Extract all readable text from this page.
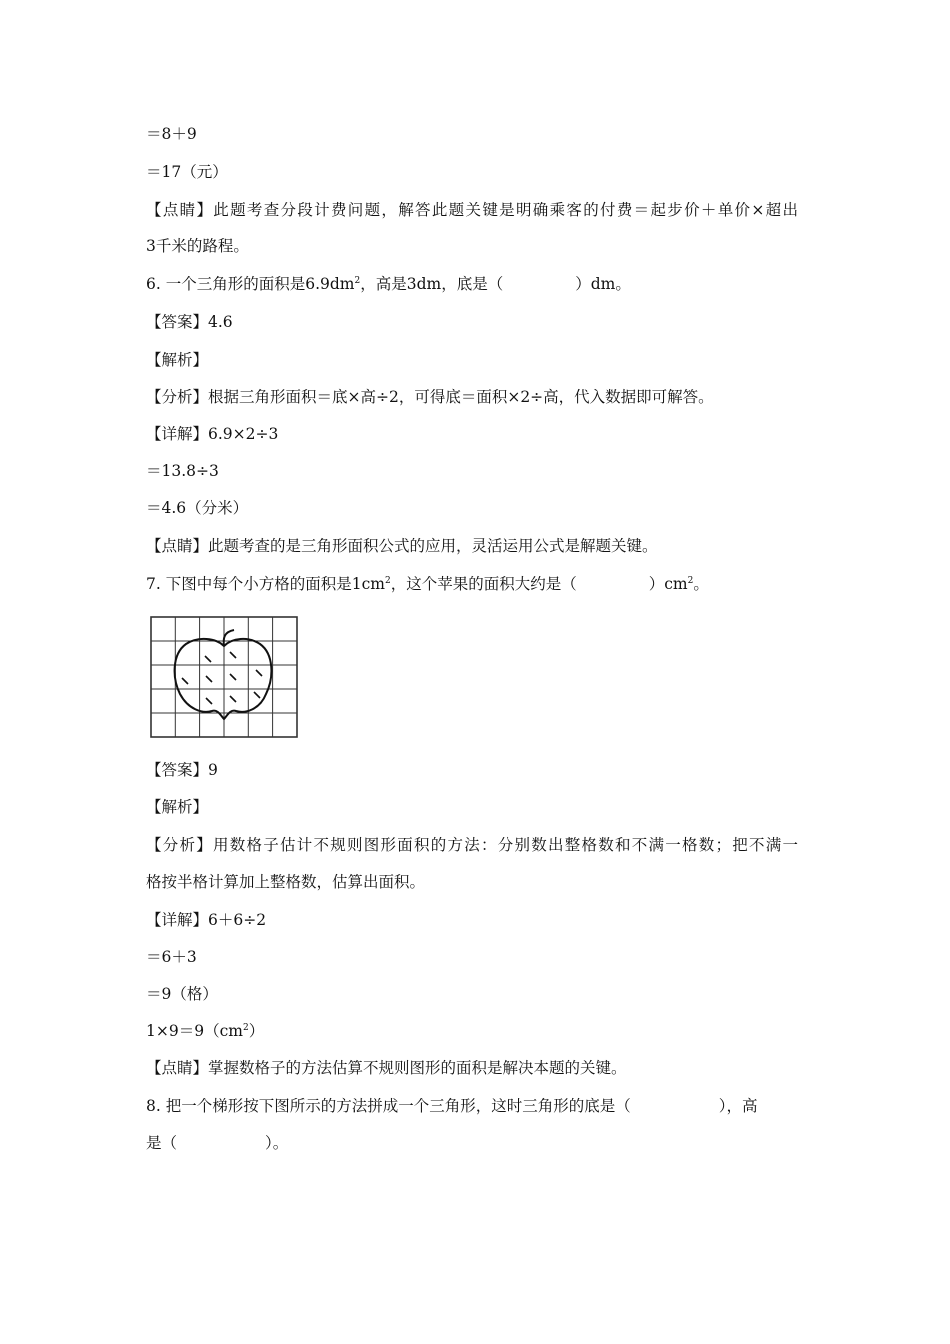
＝8＋9
＝17（元）
【点睛】此题考查分段计费问题，解答此题关键是明确乘客的付费＝起步价＋单价×超出
3千米的路程。
6. 一个三角形的面积是$6.9dm^2$，高是3dm，底是（	）dm。
【答案】4.6
【解析】
【分析】根据三角形面积＝底×高÷2，可得底＝面积×2÷高，代入数据即可解答。
【详解】6.9×2÷3
＝13.8÷3
＝4.6（分米）
【点睛】此题考查的是三角形面积公式的应用，灵活运用公式是解题关键。
7. 下图中每个小方格的面积是$1cm^2$，这个苹果的面积大约是（	）$cm^2$。
【答案】9
【解析】
【分析】用数格子估计不规则图形面积的方法：分别数出整格数和不满一格数；把不满一
格按半格计算加上整格数，估算出面积。
【详解】6＋6÷2
＝6＋3
＝9（格）
$1\times 9=9(cm^2)$
【点睛】掌握数格子的方法估算不规则图形的面积是解决本题的关键。
8. 把一个梯形按下图所示的方法拼成一个三角形，这时三角形的底是（	），高
是（	）。
